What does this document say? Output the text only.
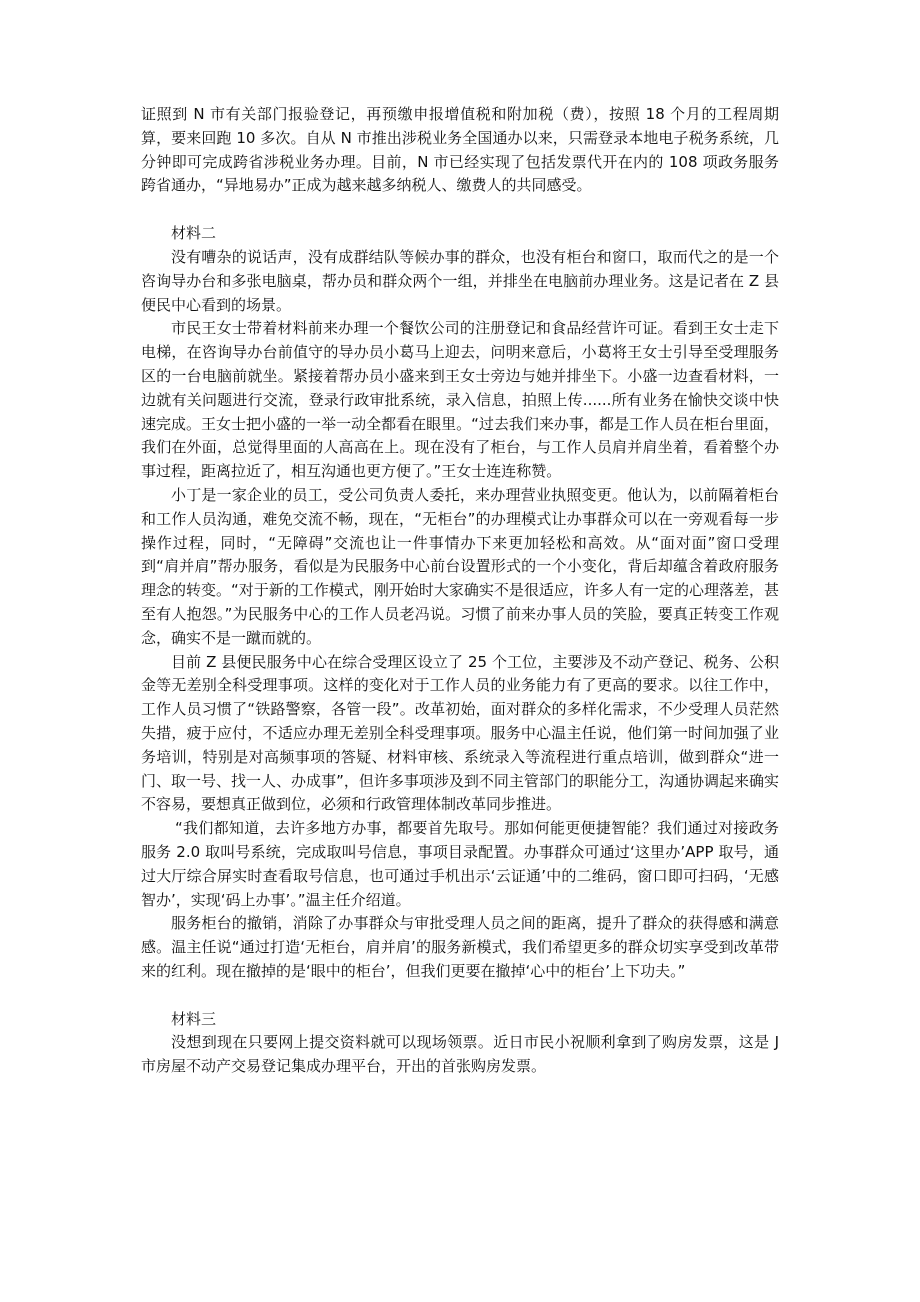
证照到 N 市有关部门报验登记，再预缴申报增值税和附加税（费），按照 18 个月的工程周期算，要来回跑 10 多次。自从 N 市推出涉税业务全国通办以来，只需登录本地电子税务系统，几分钟即可完成跨省涉税业务办理。目前，N 市已经实现了包括发票代开在内的 108 项政务服务跨省通办，“异地易办”正成为越来越多纳税人、缴费人的共同感受。

材料二

没有嘈杂的说话声，没有成群结队等候办事的群众，也没有柜台和窗口，取而代之的是一个咨询导办台和多张电脑桌，帮办员和群众两个一组，并排坐在电脑前办理业务。这是记者在 Z 县便民中心看到的场景。

市民王女士带着材料前来办理一个餐饮公司的注册登记和食品经营许可证。看到王女士走下电梯，在咨询导办台前值守的导办员小葛马上迎去，问明来意后，小葛将王女士引导至受理服务区的一台电脑前就坐。紧接着帮办员小盛来到王女士旁边与她并排坐下。小盛一边查看材料，一边就有关问题进行交流，登录行政审批系统，录入信息，拍照上传......所有业务在愉快交谈中快速完成。王女士把小盛的一举一动全都看在眼里。“过去我们来办事，都是工作人员在柜台里面，我们在外面，总觉得里面的人高高在上。现在没有了柜台，与工作人员肩并肩坐着，看着整个办事过程，距离拉近了，相互沟通也更方便了。”王女士连连称赞。

小丁是一家企业的员工，受公司负责人委托，来办理营业执照变更。他认为，以前隔着柜台和工作人员沟通，难免交流不畅，现在，“无柜台”的办理模式让办事群众可以在一旁观看每一步操作过程，同时，“无障碍”交流也让一件事情办下来更加轻松和高效。从“面对面”窗口受理到“肩并肩”帮办服务，看似是为民服务中心前台设置形式的一个小变化，背后却蕴含着政府服务理念的转变。“对于新的工作模式，刚开始时大家确实不是很适应，许多人有一定的心理落差，甚至有人抱怨。”为民服务中心的工作人员老冯说。习惯了前来办事人员的笑脸，要真正转变工作观念，确实不是一蹴而就的。

目前 Z 县便民服务中心在综合受理区设立了 25 个工位，主要涉及不动产登记、税务、公积金等无差别全科受理事项。这样的变化对于工作人员的业务能力有了更高的要求。以往工作中，工作人员习惯了“铁路警察，各管一段”。改革初始，面对群众的多样化需求，不少受理人员茫然失措，疲于应付，不适应办理无差别全科受理事项。服务中心温主任说，他们第一时间加强了业务培训，特别是对高频事项的答疑、材料审核、系统录入等流程进行重点培训，做到群众“进一门、取一号、找一人、办成事”，但许多事项涉及到不同主管部门的职能分工，沟通协调起来确实不容易，要想真正做到位，必须和行政管理体制改革同步推进。

“我们都知道，去许多地方办事，都要首先取号。那如何能更便捷智能？我们通过对接政务服务 2.0 取叫号系统，完成取叫号信息，事项目录配置。办事群众可通过‘这里办’APP 取号，通过大厅综合屏实时查看取号信息，也可通过手机出示‘云证通’中的二维码，窗口即可扫码，‘无感智办’，实现‘码上办事’。”温主任介绍道。

服务柜台的撤销，消除了办事群众与审批受理人员之间的距离，提升了群众的获得感和满意感。温主任说“通过打造‘无柜台，肩并肩’的服务新模式，我们希望更多的群众切实享受到改革带来的红利。现在撤掉的是‘眼中的柜台’，但我们更要在撤掉‘心中的柜台’上下功夫。”

材料三

没想到现在只要网上提交资料就可以现场领票。近日市民小祝顺利拿到了购房发票，这是 J 市房屋不动产交易登记集成办理平台，开出的首张购房发票。
